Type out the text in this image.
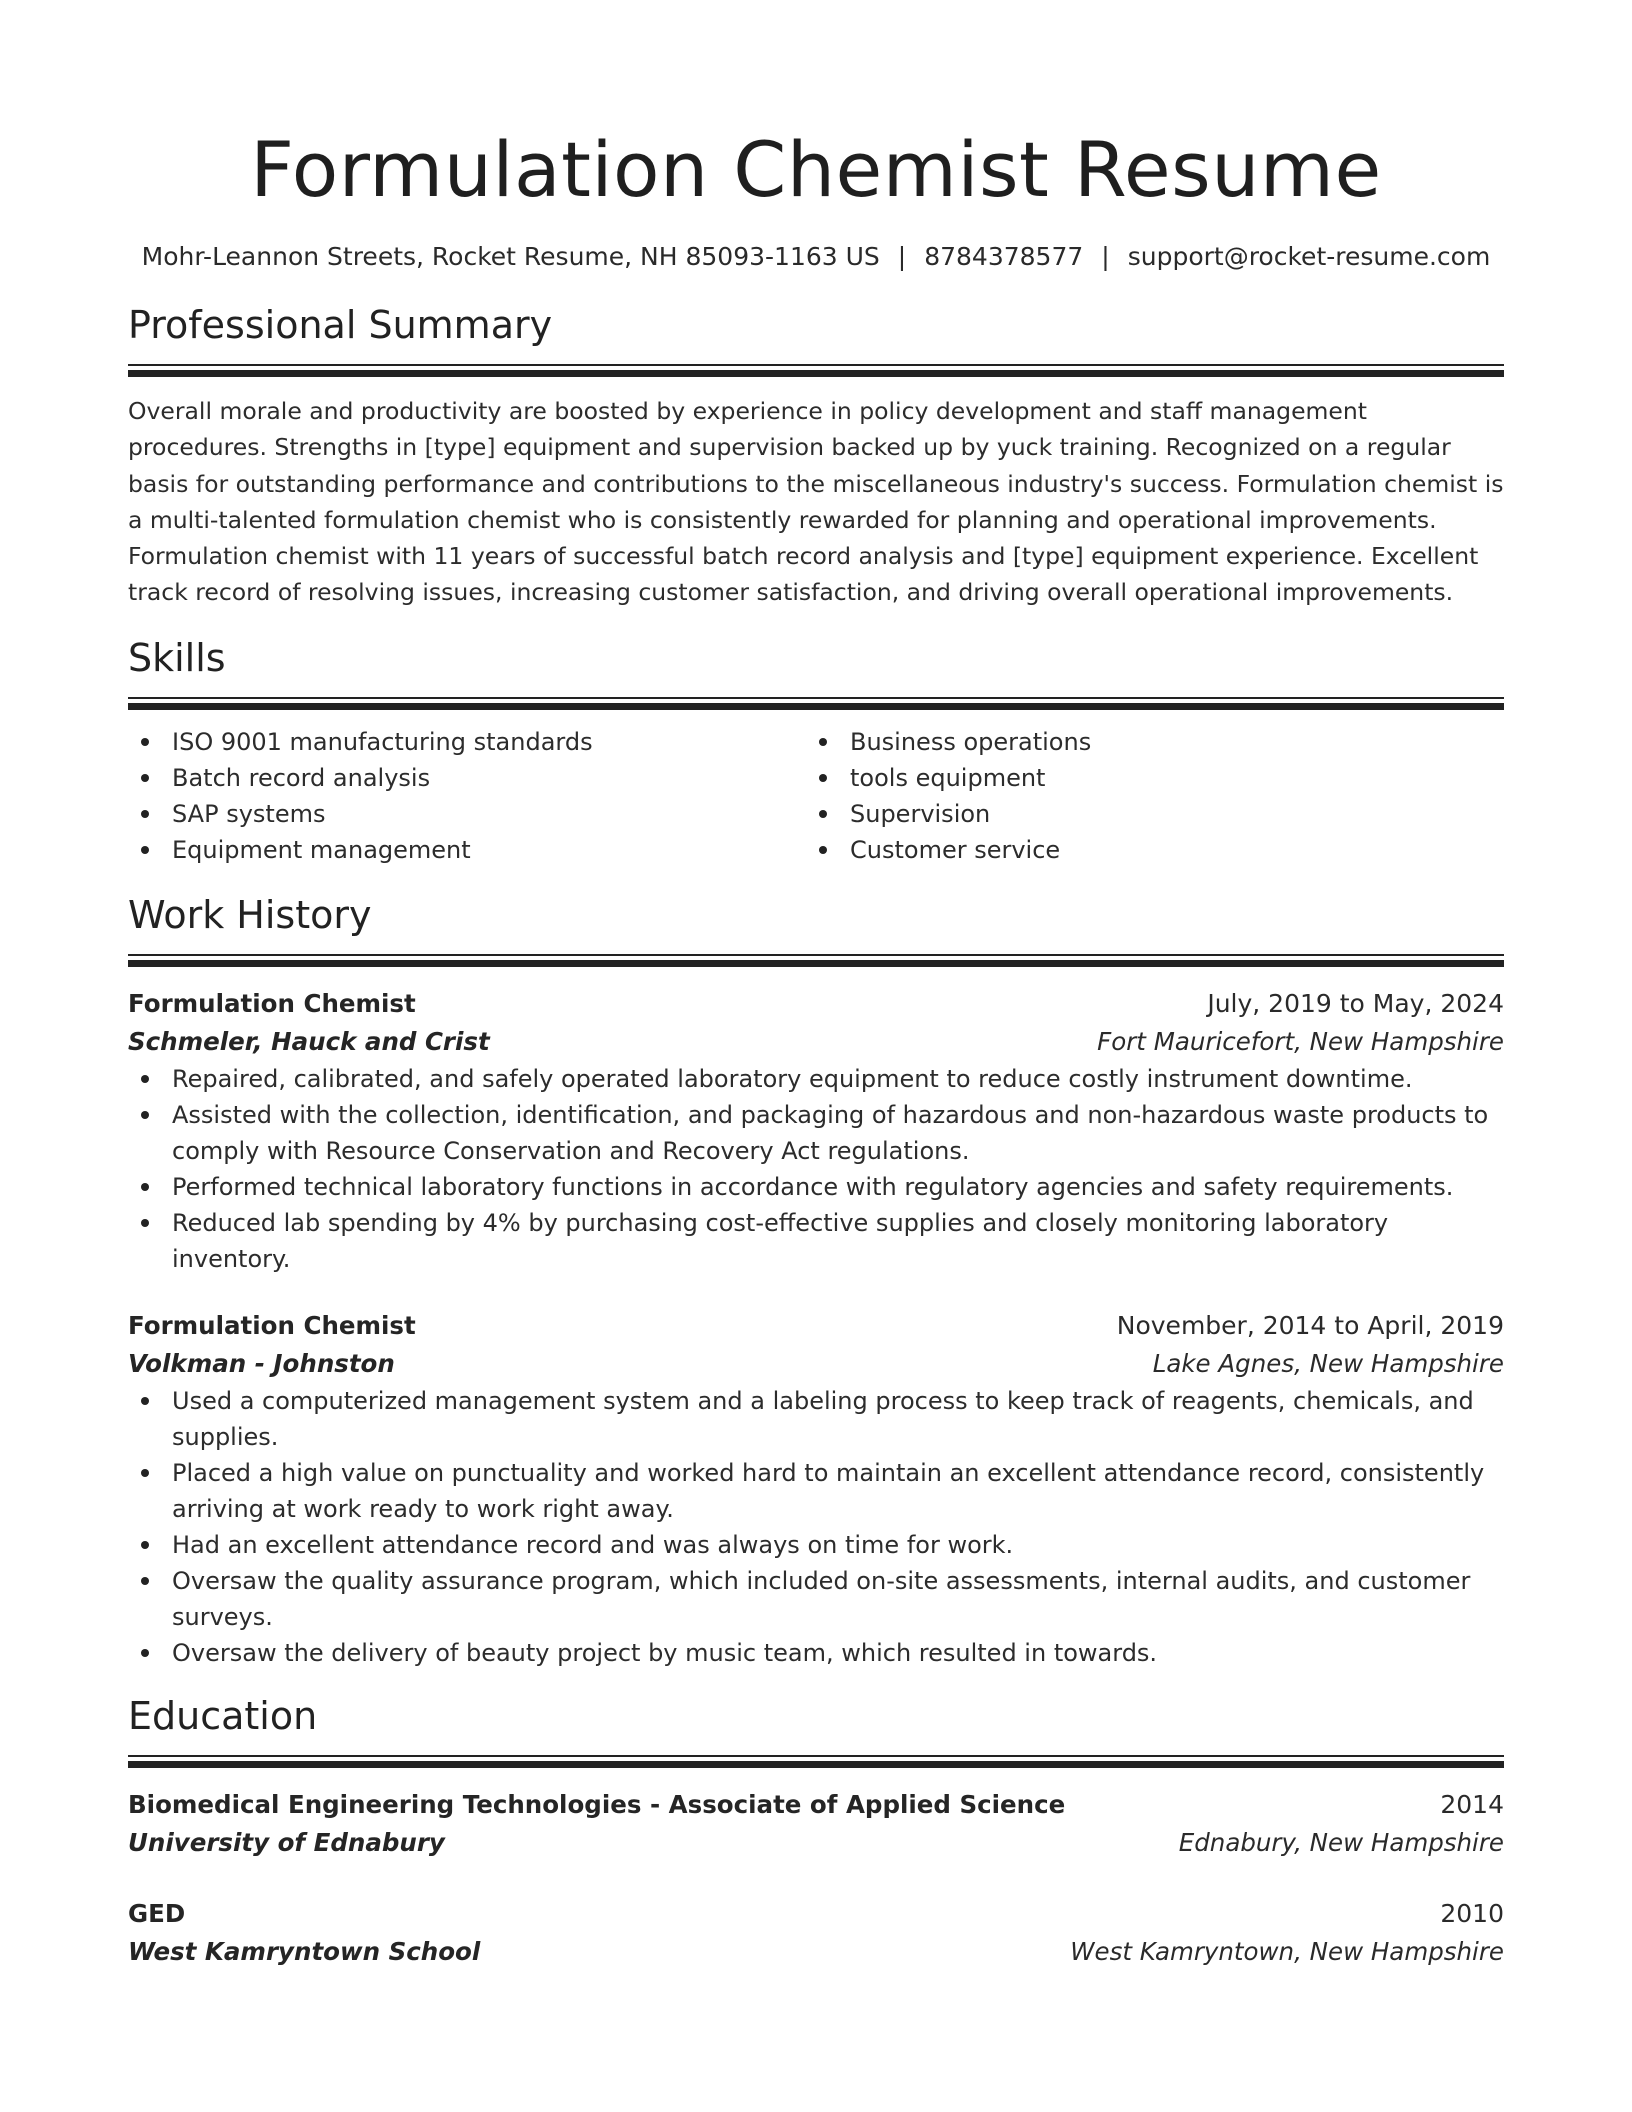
Formulation Chemist Resume
Mohr-Leannon Streets, Rocket Resume, NH 85093-1163 US | 8784378577 | support@rocket-resume.com
Professional Summary
Overall morale and productivity are boosted by experience in policy development and staff management procedures. Strengths in [type] equipment and supervision backed up by yuck training. Recognized on a regular basis for outstanding performance and contributions to the miscellaneous industry's success. Formulation chemist is a multi-talented formulation chemist who is consistently rewarded for planning and operational improvements. Formulation chemist with 11 years of successful batch record analysis and [type] equipment experience. Excellent track record of resolving issues, increasing customer satisfaction, and driving overall operational improvements.
Skills
ISO 9001 manufacturing standards
Batch record analysis
SAP systems
Equipment management
Business operations
tools equipment
Supervision
Customer service
Work History
Formulation Chemist	July, 2019 to May, 2024
Schmeler, Hauck and Crist	Fort Mauricefort, New Hampshire
Repaired, calibrated, and safely operated laboratory equipment to reduce costly instrument downtime.
Assisted with the collection, identification, and packaging of hazardous and non-hazardous waste products to comply with Resource Conservation and Recovery Act regulations.
Performed technical laboratory functions in accordance with regulatory agencies and safety requirements.
Reduced lab spending by 4% by purchasing cost-effective supplies and closely monitoring laboratory inventory.
Formulation Chemist	November, 2014 to April, 2019
Volkman - Johnston	Lake Agnes, New Hampshire
Used a computerized management system and a labeling process to keep track of reagents, chemicals, and supplies.
Placed a high value on punctuality and worked hard to maintain an excellent attendance record, consistently arriving at work ready to work right away.
Had an excellent attendance record and was always on time for work.
Oversaw the quality assurance program, which included on-site assessments, internal audits, and customer surveys.
Oversaw the delivery of beauty project by music team, which resulted in towards.
Education
Biomedical Engineering Technologies - Associate of Applied Science	2014
University of Ednabury	Ednabury, New Hampshire
GED	2010
West Kamryntown School	West Kamryntown, New Hampshire
